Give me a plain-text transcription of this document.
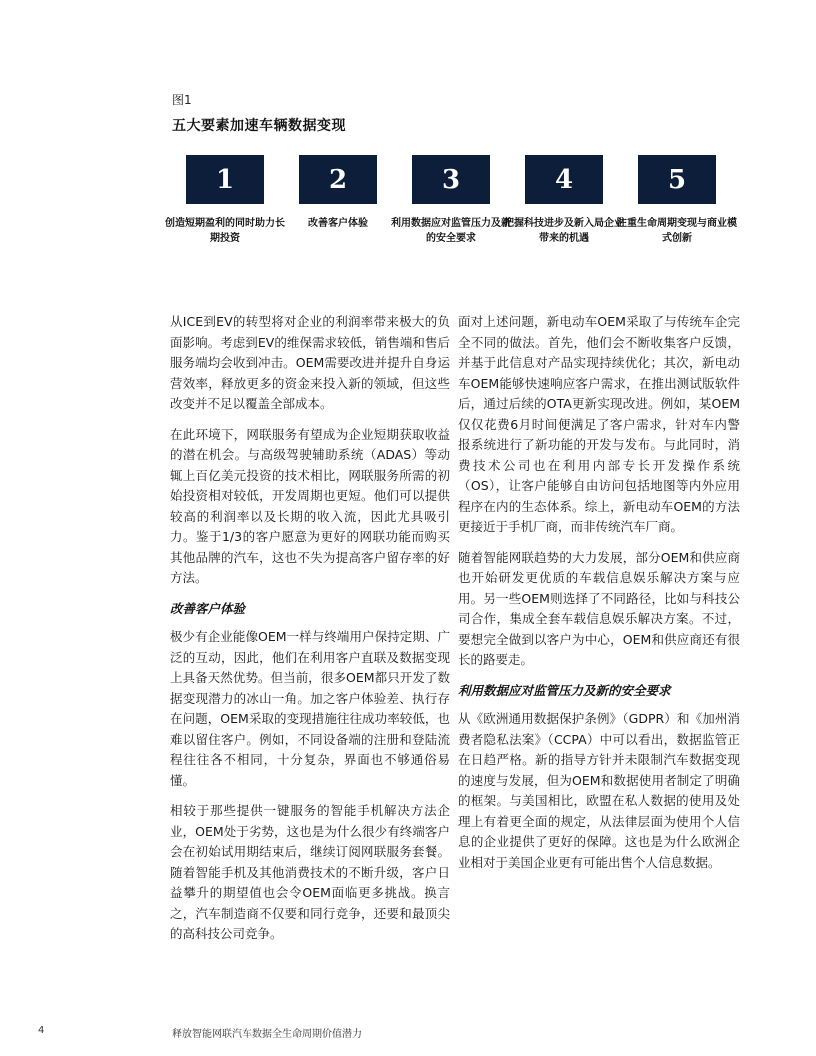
图1
五大要素加速车辆数据变现
1
创造短期盈利的同时助力长期投资
2
改善客户体验
3
利用数据应对监管压力及新的安全要求
4
把握科技进步及新入局企业带来的机遇
5
注重生命周期变现与商业模式创新

从ICE到EV的转型将对企业的利润率带来极大的负面影响。考虑到EV的维保需求较低，销售端和售后服务端均会收到冲击。OEM需要改进并提升自身运营效率，释放更多的资金来投入新的领域，但这些改变并不足以覆盖全部成本。

在此环境下，网联服务有望成为企业短期获取收益的潜在机会。与高级驾驶辅助系统（ADAS）等动辄上百亿美元投资的技术相比，网联服务所需的初始投资相对较低，开发周期也更短。他们可以提供较高的利润率以及长期的收入流，因此尤具吸引力。鉴于1/3的客户愿意为更好的网联功能而购买其他品牌的汽车，这也不失为提高客户留存率的好方法。

改善客户体验

极少有企业能像OEM一样与终端用户保持定期、广泛的互动，因此，他们在利用客户直联及数据变现上具备天然优势。但当前，很多OEM都只开发了数据变现潜力的冰山一角。加之客户体验差、执行存在问题，OEM采取的变现措施往往成功率较低，也难以留住客户。例如，不同设备端的注册和登陆流程往往各不相同，十分复杂，界面也不够通俗易懂。

相较于那些提供一键服务的智能手机解决方法企业，OEM处于劣势，这也是为什么很少有终端客户会在初始试用期结束后，继续订阅网联服务套餐。随着智能手机及其他消费技术的不断升级，客户日益攀升的期望值也会令OEM面临更多挑战。换言之，汽车制造商不仅要和同行竞争，还要和最顶尖的高科技公司竞争。

面对上述问题，新电动车OEM采取了与传统车企完全不同的做法。首先，他们会不断收集客户反馈，并基于此信息对产品实现持续优化；其次，新电动车OEM能够快速响应客户需求，在推出测试版软件后，通过后续的OTA更新实现改进。例如，某OEM仅仅花费6月时间便满足了客户需求，针对车内警报系统进行了新功能的开发与发布。与此同时，消费技术公司也在利用内部专长开发操作系统（OS），让客户能够自由访问包括地图等内外应用程序在内的生态体系。综上，新电动车OEM的方法更接近于手机厂商，而非传统汽车厂商。

随着智能网联趋势的大力发展，部分OEM和供应商也开始研发更优质的车载信息娱乐解决方案与应用。另一些OEM则选择了不同路径，比如与科技公司合作，集成全套车载信息娱乐解决方案。不过，要想完全做到以客户为中心，OEM和供应商还有很长的路要走。

利用数据应对监管压力及新的安全要求

从《欧洲通用数据保护条例》（GDPR）和《加州消费者隐私法案》（CCPA）中可以看出，数据监管正在日趋严格。新的指导方针并未限制汽车数据变现的速度与发展，但为OEM和数据使用者制定了明确的框架。与美国相比，欧盟在私人数据的使用及处理上有着更全面的规定，从法律层面为使用个人信息的企业提供了更好的保障。这也是为什么欧洲企业相对于美国企业更有可能出售个人信息数据。

4	释放智能网联汽车数据全生命周期价值潜力
